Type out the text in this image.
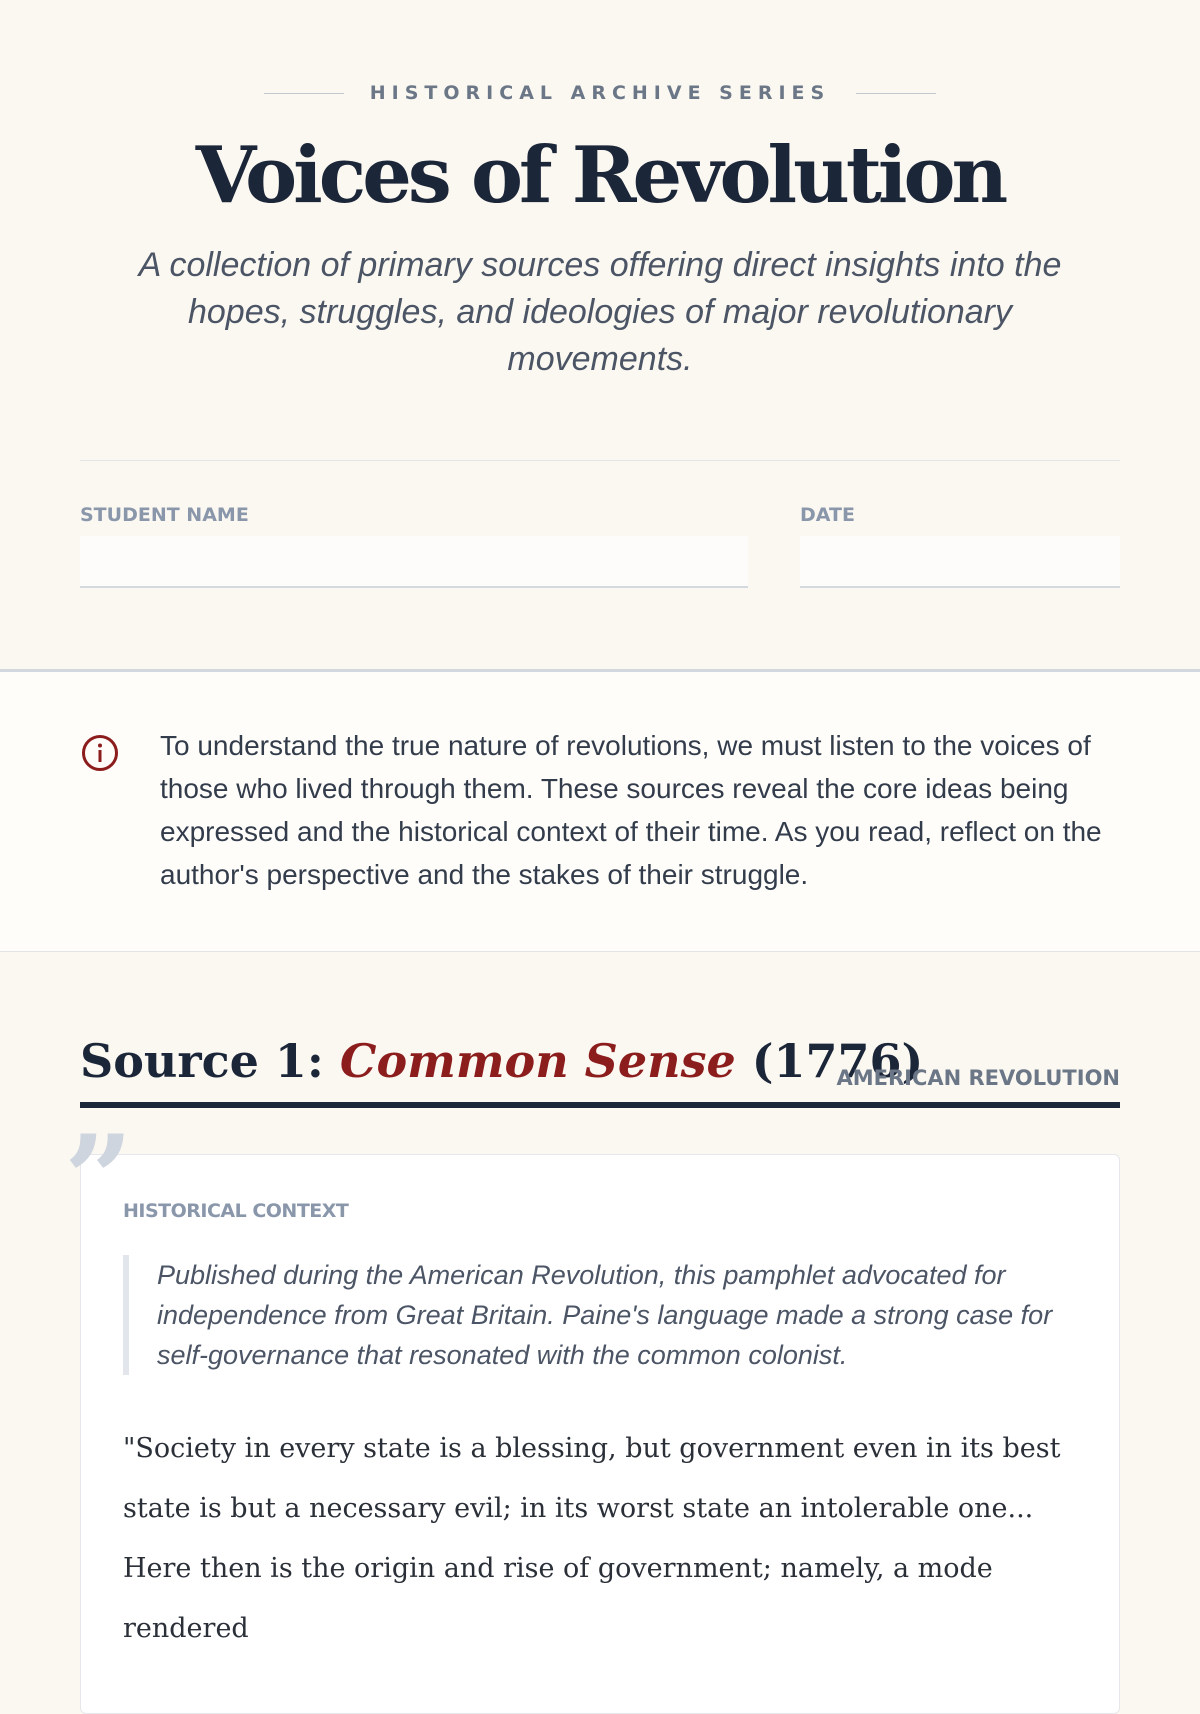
HISTORICAL ARCHIVE SERIES
Voices of Revolution

A collection of primary sources offering direct insights into the hopes, struggles, and ideologies of major revolutionary movements.

STUDENT NAME	DATE

To understand the true nature of revolutions, we must listen to the voices of those who lived through them. These sources reveal the core ideas being expressed and the historical context of their time. As you read, reflect on the author's perspective and the stakes of their struggle.

Source 1: Common Sense (1776)
AMERICAN REVOLUTION
HISTORICAL CONTEXT

Published during the American Revolution, this pamphlet advocated for independence from Great Britain. Paine's language made a strong case for self-governance that resonated with the common colonist.

"Society in every state is a blessing, but government even in its best state is but a necessary evil; in its worst state an intolerable one... Here then is the origin and rise of government; namely, a mode rendered

”
